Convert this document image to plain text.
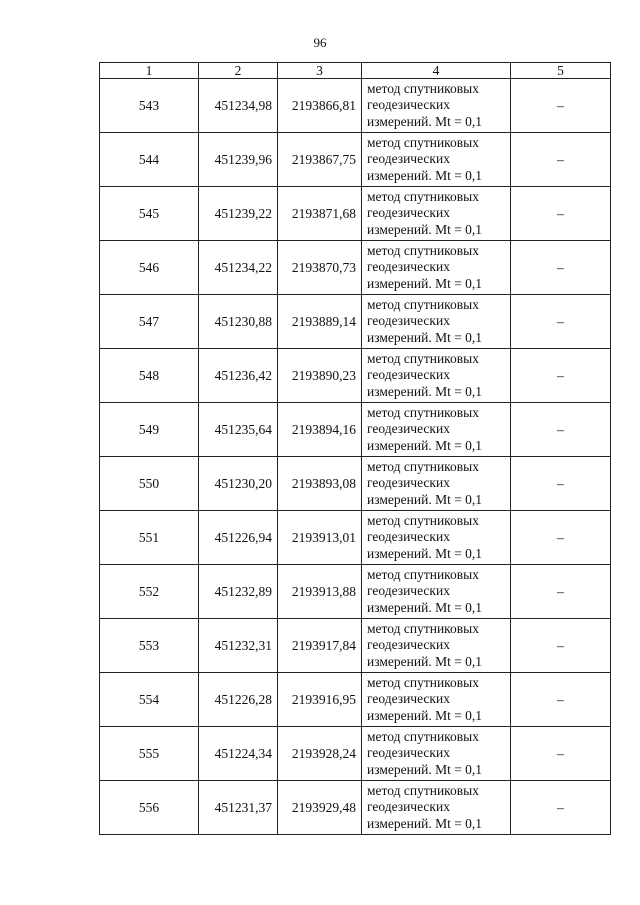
96
1	2	3	4	5
543	451234,98	2193866,81	метод спутниковых
геодезических
измерений. Mt = 0,1	–
544	451239,96	2193867,75	метод спутниковых
геодезических
измерений. Mt = 0,1	–
545	451239,22	2193871,68	метод спутниковых
геодезических
измерений. Mt = 0,1	–
546	451234,22	2193870,73	метод спутниковых
геодезических
измерений. Mt = 0,1	–
547	451230,88	2193889,14	метод спутниковых
геодезических
измерений. Mt = 0,1	–
548	451236,42	2193890,23	метод спутниковых
геодезических
измерений. Mt = 0,1	–
549	451235,64	2193894,16	метод спутниковых
геодезических
измерений. Mt = 0,1	–
550	451230,20	2193893,08	метод спутниковых
геодезических
измерений. Mt = 0,1	–
551	451226,94	2193913,01	метод спутниковых
геодезических
измерений. Mt = 0,1	–
552	451232,89	2193913,88	метод спутниковых
геодезических
измерений. Mt = 0,1	–
553	451232,31	2193917,84	метод спутниковых
геодезических
измерений. Mt = 0,1	–
554	451226,28	2193916,95	метод спутниковых
геодезических
измерений. Mt = 0,1	–
555	451224,34	2193928,24	метод спутниковых
геодезических
измерений. Mt = 0,1	–
556	451231,37	2193929,48	метод спутниковых
геодезических
измерений. Mt = 0,1	–
